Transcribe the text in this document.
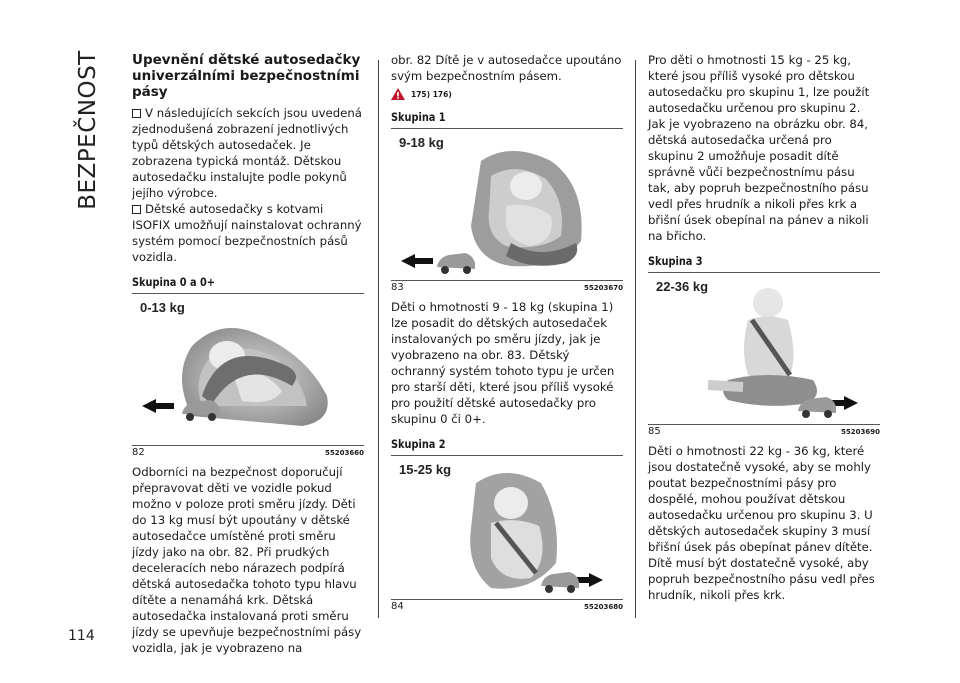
BEZPEČNOST
114
Upevnění dětské autosedačky univerzálními bezpečnostními pásy

V následujících sekcích jsou uvedená zjednodušená zobrazení jednotlivých typů dětských autosedaček. Je zobrazena typická montáž. Dětskou autosedačku instalujte podle pokynů jejího výrobce.

Dětské autosedačky s kotvami ISOFIX umožňují nainstalovat ochranný systém pomocí bezpečnostních pásů vozidla.

Skupina 0 a 0+
0-13 kg
82	55203660

Odborníci na bezpečnost doporučují přepravovat děti ve vozidle pokud možno v poloze proti směru jízdy. Děti do 13 kg musí být upoutány v dětské autosedačce umístěné proti směru jízdy jako na obr. 82. Při prudkých deceleracích nebo nárazech podpírá dětská autosedačka tohoto typu hlavu dítěte a nenamáhá krk. Dětská autosedačka instalovaná proti směru jízdy se upevňuje bezpečnostními pásy vozidla, jak je vyobrazeno na

obr. 82 Dítě je v autosedačce upoutáno svým bezpečnostním pásem.

175) 176)
Skupina 1
9-18 kg
83	55203670

Děti o hmotnosti 9 - 18 kg (skupina 1) lze posadit do dětských autosedaček instalovaných po směru jízdy, jak je vyobrazeno na obr. 83. Dětský ochranný systém tohoto typu je určen pro starší děti, které jsou příliš vysoké pro použití dětské autosedačky pro skupinu 0 či 0+.

Skupina 2
15-25 kg
84	55203680

Pro děti o hmotnosti 15 kg - 25 kg, které jsou příliš vysoké pro dětskou autosedačku pro skupinu 1, lze použít autosedačku určenou pro skupinu 2. Jak je vyobrazeno na obrázku obr. 84, dětská autosedačka určená pro skupinu 2 umožňuje posadit dítě správně vůči bezpečnostnímu pásu tak, aby popruh bezpečnostního pásu vedl přes hrudník a nikoli přes krk a břišní úsek obepínal na pánev a nikoli na břicho.

Skupina 3
22-36 kg
85	55203690

Děti o hmotnosti 22 kg - 36 kg, které jsou dostatečně vysoké, aby se mohly poutat bezpečnostními pásy pro dospělé, mohou používat dětskou autosedačku určenou pro skupinu 3. U dětských autosedaček skupiny 3 musí břišní úsek pás obepínat pánev dítěte. Dítě musí být dostatečně vysoké, aby popruh bezpečnostního pásu vedl přes hrudník, nikoli přes krk.
